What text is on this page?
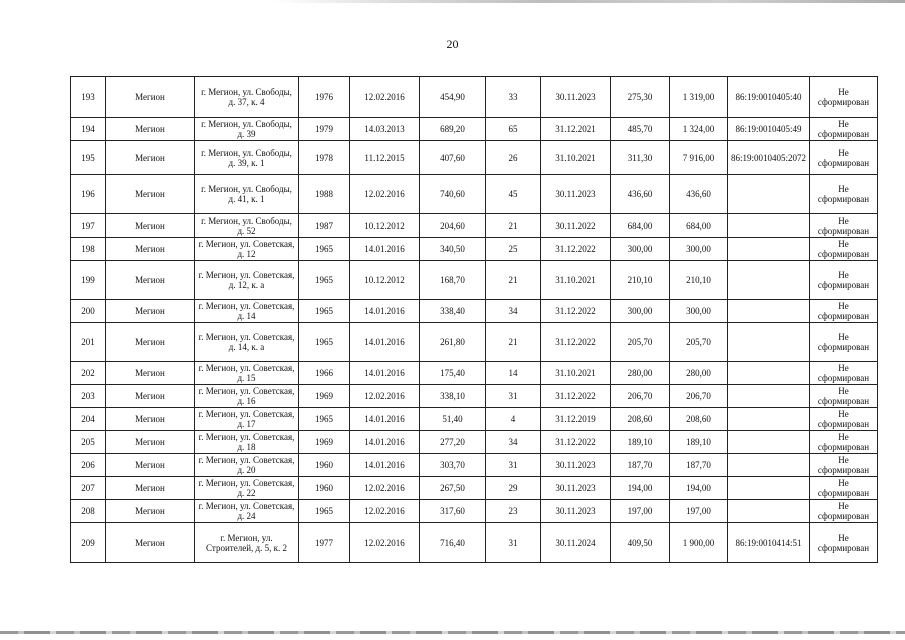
20
193	Мегион	г. Мегион, ул. Свободы, д. 37, к. 4	1976	12.02.2016	454,90	33	30.11.2023	275,30	1 319,00	86:19:0010405:40	Не сформирован
194	Мегион	г. Мегион, ул. Свободы, д. 39	1979	14.03.2013	689,20	65	31.12.2021	485,70	1 324,00	86:19:0010405:49	Не сформирован
195	Мегион	г. Мегион, ул. Свободы, д. 39, к. 1	1978	11.12.2015	407,60	26	31.10.2021	311,30	7 916,00	86:19:0010405:2072	Не сформирован
196	Мегион	г. Мегион, ул. Свободы, д. 41, к. 1	1988	12.02.2016	740,60	45	30.11.2023	436,60	436,60		Не сформирован
197	Мегион	г. Мегион, ул. Свободы, д. 52	1987	10.12.2012	204,60	21	30.11.2022	684,00	684,00		Не сформирован
198	Мегион	г. Мегион, ул. Советская, д. 12	1965	14.01.2016	340,50	25	31.12.2022	300,00	300,00		Не сформирован
199	Мегион	г. Мегион, ул. Советская, д. 12, к. а	1965	10.12.2012	168,70	21	31.10.2021	210,10	210,10		Не сформирован
200	Мегион	г. Мегион, ул. Советская, д. 14	1965	14.01.2016	338,40	34	31.12.2022	300,00	300,00		Не сформирован
201	Мегион	г. Мегион, ул. Советская, д. 14, к. а	1965	14.01.2016	261,80	21	31.12.2022	205,70	205,70		Не сформирован
202	Мегион	г. Мегион, ул. Советская, д. 15	1966	14.01.2016	175,40	14	31.10.2021	280,00	280,00		Не сформирован
203	Мегион	г. Мегион, ул. Советская, д. 16	1969	12.02.2016	338,10	31	31.12.2022	206,70	206,70		Не сформирован
204	Мегион	г. Мегион, ул. Советская, д. 17	1965	14.01.2016	51,40	4	31.12.2019	208,60	208,60		Не сформирован
205	Мегион	г. Мегион, ул. Советская, д. 18	1969	14.01.2016	277,20	34	31.12.2022	189,10	189,10		Не сформирован
206	Мегион	г. Мегион, ул. Советская, д. 20	1960	14.01.2016	303,70	31	30.11.2023	187,70	187,70		Не сформирован
207	Мегион	г. Мегион, ул. Советская, д. 22	1960	12.02.2016	267,50	29	30.11.2023	194,00	194,00		Не сформирован
208	Мегион	г. Мегион, ул. Советская, д. 24	1965	12.02.2016	317,60	23	30.11.2023	197,00	197,00		Не сформирован
209	Мегион	г. Мегион, ул. Строителей, д. 5, к. 2	1977	12.02.2016	716,40	31	30.11.2024	409,50	1 900,00	86:19:0010414:51	Не сформирован
